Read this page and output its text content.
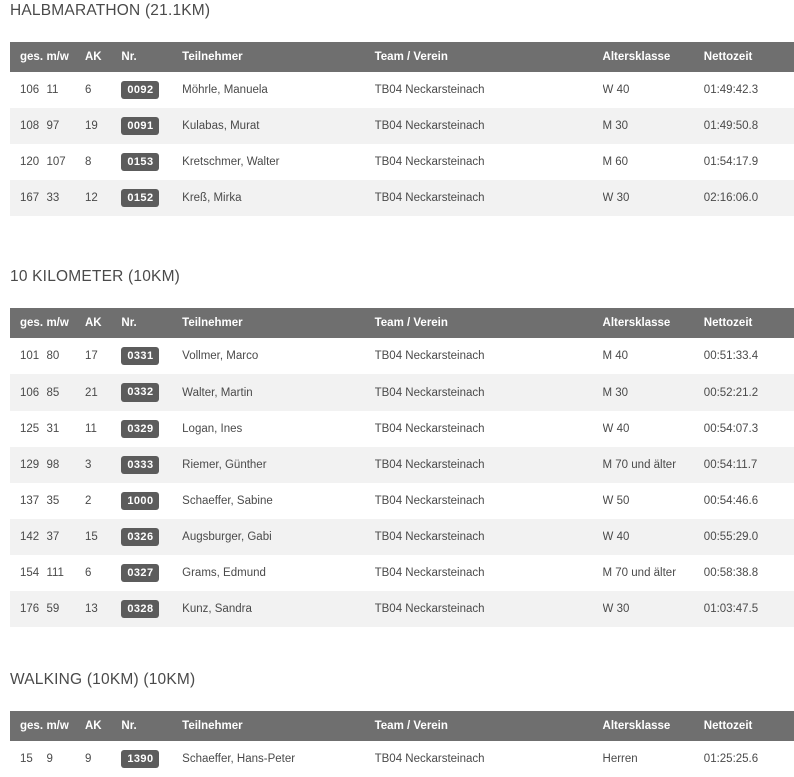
HALBMARATHON (21.1KM)
ges.	m/w	AK	Nr.	Teilnehmer	Team / Verein	Altersklasse	Nettozeit
106	11	6	0092	Möhrle, Manuela	TB04 Neckarsteinach	W 40	01:49:42.3
108	97	19	0091	Kulabas, Murat	TB04 Neckarsteinach	M 30	01:49:50.8
120	107	8	0153	Kretschmer, Walter	TB04 Neckarsteinach	M 60	01:54:17.9
167	33	12	0152	Kreß, Mirka	TB04 Neckarsteinach	W 30	02:16:06.0
10 KILOMETER (10KM)
ges.	m/w	AK	Nr.	Teilnehmer	Team / Verein	Altersklasse	Nettozeit
101	80	17	0331	Vollmer, Marco	TB04 Neckarsteinach	M 40	00:51:33.4
106	85	21	0332	Walter, Martin	TB04 Neckarsteinach	M 30	00:52:21.2
125	31	11	0329	Logan, Ines	TB04 Neckarsteinach	W 40	00:54:07.3
129	98	3	0333	Riemer, Günther	TB04 Neckarsteinach	M 70 und älter	00:54:11.7
137	35	2	1000	Schaeffer, Sabine	TB04 Neckarsteinach	W 50	00:54:46.6
142	37	15	0326	Augsburger, Gabi	TB04 Neckarsteinach	W 40	00:55:29.0
154	111	6	0327	Grams, Edmund	TB04 Neckarsteinach	M 70 und älter	00:58:38.8
176	59	13	0328	Kunz, Sandra	TB04 Neckarsteinach	W 30	01:03:47.5
WALKING (10KM) (10KM)
ges.	m/w	AK	Nr.	Teilnehmer	Team / Verein	Altersklasse	Nettozeit
15	9	9	1390	Schaeffer, Hans-Peter	TB04 Neckarsteinach	Herren	01:25:25.6
